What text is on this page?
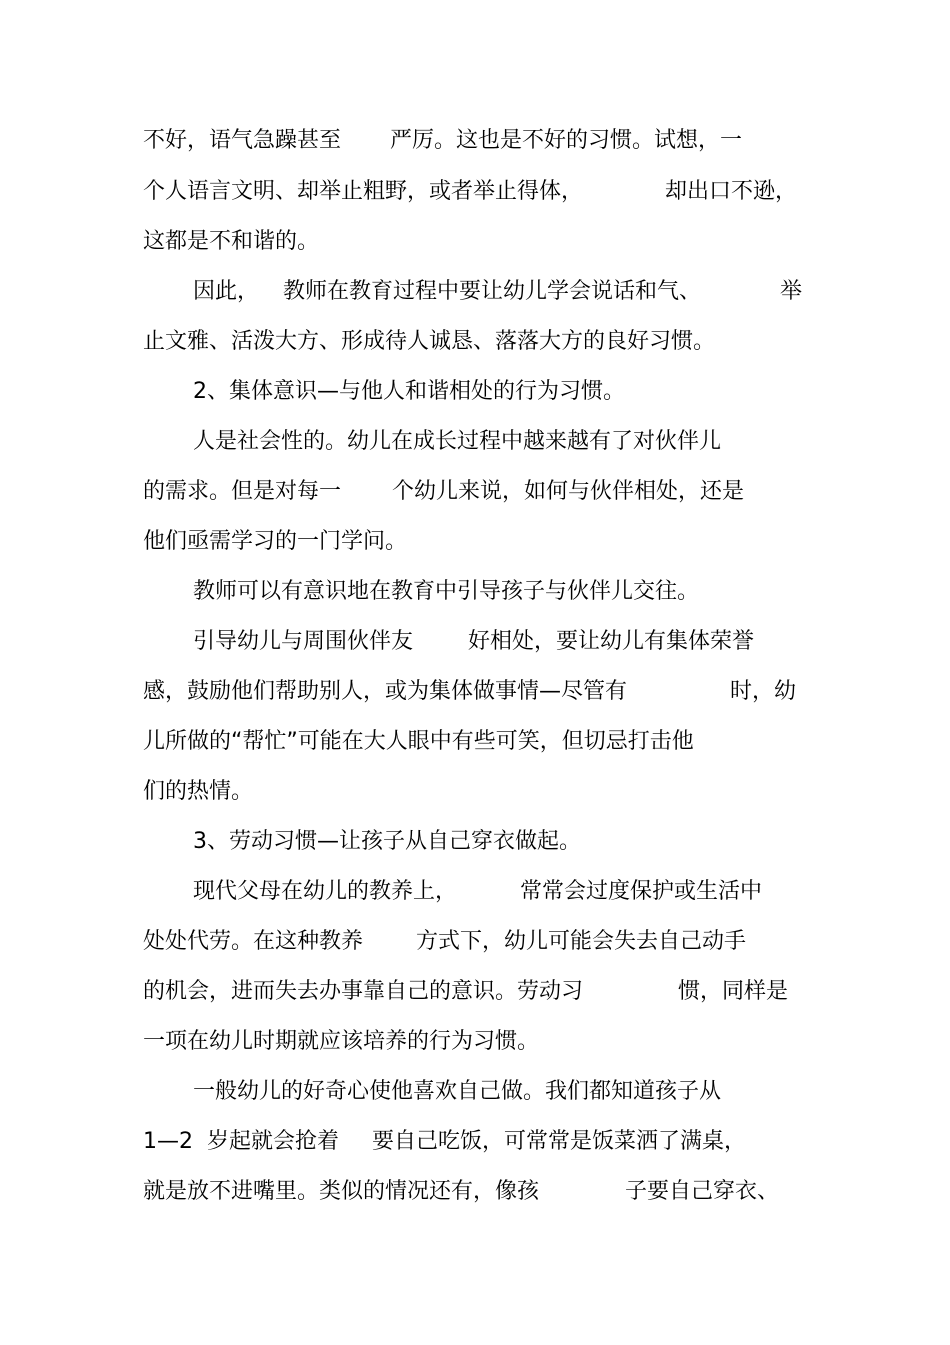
不好，语气急躁甚至

严厉。这也是不好的习惯。试想，一

个人语言文明、却举止粗野，或者举止得体，

	却出口不逊，

这都是不和谐的。

因此，

教师在教育过程中要让幼儿学会说话和气、

	举

止文雅、活泼大方、形成待人诚恳、落落大方的良好习惯。

2、集体意识—与他人和谐相处的行为习惯。

人是社会性的。幼儿在成长过程中越来越有了对伙伴儿

的需求。但是对每一

个幼儿来说，如何与伙伴相处，还是

他们亟需学习的一门学问。

教师可以有意识地在教育中引导孩子与伙伴儿交往。

引导幼儿与周围伙伴友

好相处，要让幼儿有集体荣誉

感，鼓励他们帮助别人，或为集体做事情—尽管有

	时，幼

儿所做的“帮忙”可能在大人眼中有些可笑，但切忌打击他

们的热情。

3、劳动习惯—让孩子从自己穿衣做起。

现代父母在幼儿的教养上，

	常常会过度保护或生活中

处处代劳。在这种教养

方式下，幼儿可能会失去自己动手

的机会，进而失去办事靠自己的意识。劳动习

	惯，同样是

一项在幼儿时期就应该培养的行为习惯。

一般幼儿的好奇心使他喜欢自己做。我们都知道孩子从

1—2  岁起就会抢着

要自己吃饭，可常常是饭菜洒了满桌，

就是放不进嘴里。类似的情况还有，像孩

	子要自己穿衣、
